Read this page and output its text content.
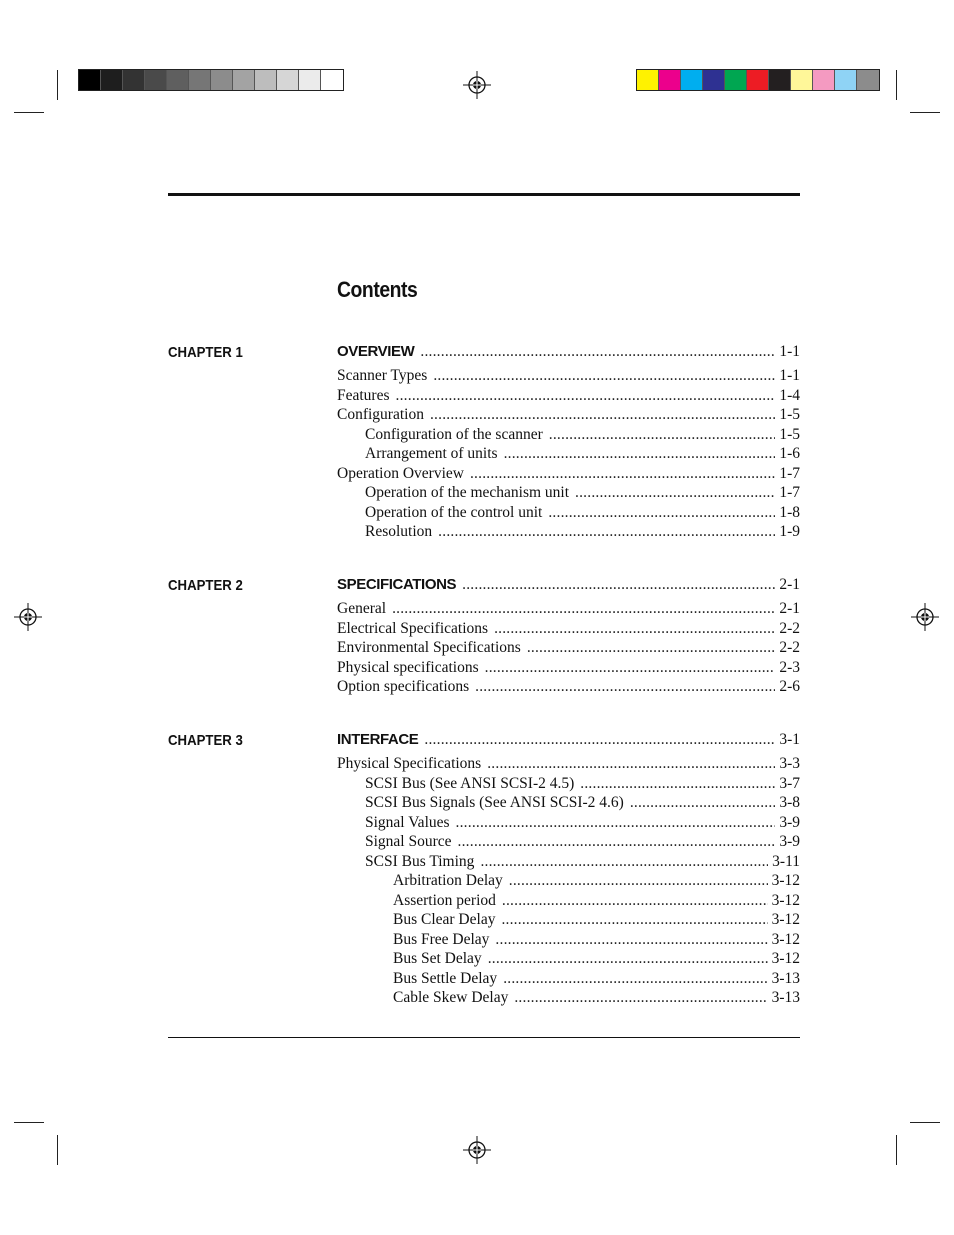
Contents
CHAPTER 1	OVERVIEW .....	1-1
Scanner Types .....	1-1
Features .....	1-4
Configuration .....	1-5
Configuration of the scanner .....	1-5
Arrangement of units .....	1-6
Operation Overview .....	1-7
Operation of the mechanism unit .....	1-7
Operation of the control unit .....	1-8
Resolution .....	1-9
CHAPTER 2	SPECIFICATIONS .....	2-1
General .....	2-1
Electrical Specifications .....	2-2
Environmental Specifications .....	2-2
Physical specifications .....	2-3
Option specifications .....	2-6
CHAPTER 3	INTERFACE .....	3-1
Physical Specifications .....	3-3
SCSI Bus (See ANSI SCSI-2 4.5) .....	3-7
SCSI Bus Signals (See ANSI SCSI-2 4.6) .....	3-8
Signal Values .....	3-9
Signal Source .....	3-9
SCSI Bus Timing .....	3-11
Arbitration Delay .....	3-12
Assertion period .....	3-12
Bus Clear Delay .....	3-12
Bus Free Delay .....	3-12
Bus Set Delay .....	3-12
Bus Settle Delay .....	3-13
Cable Skew Delay .....	3-13
